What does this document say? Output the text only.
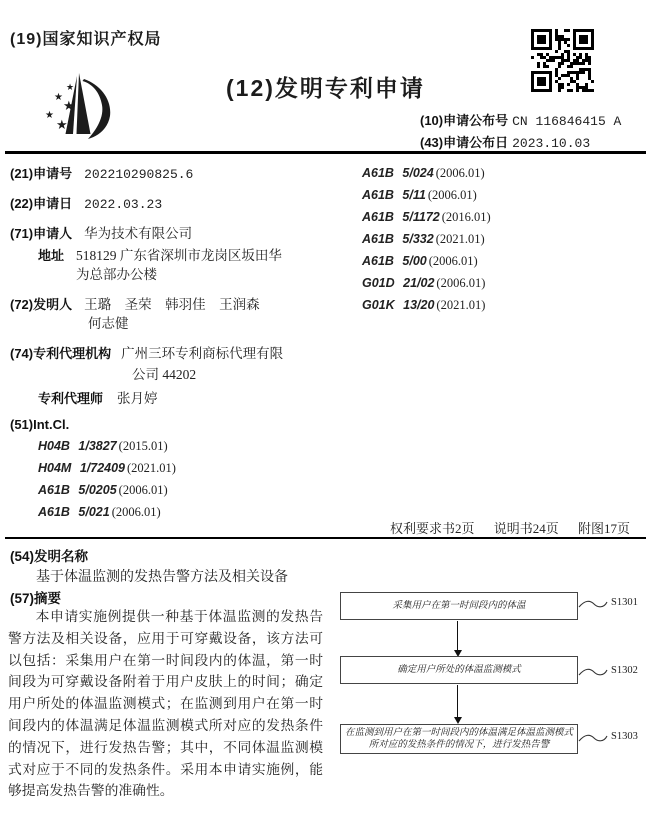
(19)国家知识产权局
★
★
★
★
★
(12)发明专利申请
(10)申请公布号 CN 116846415 A
(43)申请公布日 2023.10.03
(21)申请号 202210290825.6
(22)申请日 2022.03.23
(71)申请人 华为技术有限公司
地址 518129 广东省深圳市龙岗区坂田华
为总部办公楼
(72)发明人 王璐　圣荣　韩羽佳　王润森
何志健
(74)专利代理机构 广州三环专利商标代理有限
公司 44202
专利代理师 张月婷
(51)Int.Cl.
H04B 1/3827 (2015.01)
H04M 1/72409 (2021.01)
A61B 5/0205 (2006.01)
A61B 5/021 (2006.01)
A61B 5/024 (2006.01)
A61B 5/11 (2006.01)
A61B 5/1172 (2016.01)
A61B 5/332 (2021.01)
A61B 5/00 (2006.01)
G01D 21/02 (2006.01)
G01K 13/20 (2021.01)
权利要求书2页 说明书24页 附图17页
(54)发明名称
基于体温监测的发热告警方法及相关设备
(57)摘要
本申请实施例提供一种基于体温监测的发热告警方法及相关设备，应用于可穿戴设备，该方法可以包括：采集用户在第一时间段内的体温，第一时间段为可穿戴设备附着于用户皮肤上的时间；确定用户所处的体温监测模式；在监测到用户在第一时间段内的体温满足体温监测模式所对应的发热条件的情况下，进行发热告警；其中，不同体温监测模式对应于不同的发热条件。采用本申请实施例，能够提高发热告警的准确性。
采集用户在第一时间段内的体温	S1301
确定用户所处的体温监测模式	S1302
在监测到用户在第一时间段内的体温满足体温监测模式所对应的发热条件的情况下，进行发热告警
S1303
